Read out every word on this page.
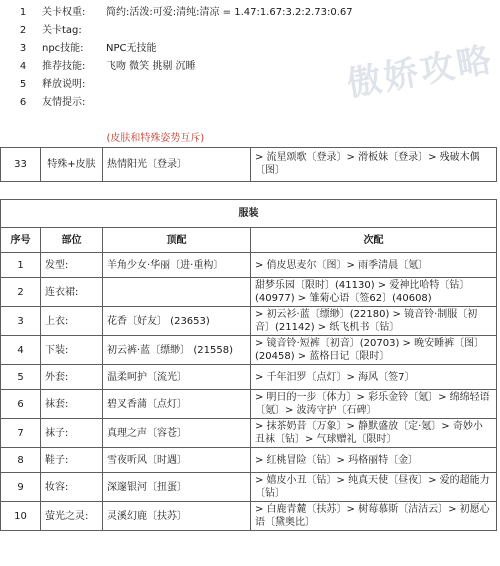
傲娇攻略
1	关卡权重: 简约:活泼:可爱:清纯:清凉 = 1.47:1.67:3.2:2.73:0.67
2	关卡tag:
3	npc技能: NPC无技能
4	推荐技能: 飞吻 微笑 挑剔 沉睡
5	释放说明:
6	友情提示:
		(皮肤和特殊姿势互斥)	
33	特殊+皮肤	热情阳光〔登录〕	> 流星颂歌〔登录〕> 滑板妹〔登录〕> 残破木偶〔图〕
服装			
序号	部位	顶配	次配
1	发型:	羊角少女·华丽〔进·重构〕	> 俏皮思麦尔〔图〕> 雨季清晨〔氪〕
2	连衣裙:		甜梦乐园〔限时〕(41130) > 爱神比哈特〔钻〕(40977) > 雏菊心语〔签62〕(40608)
3	上衣:	花香〔好友〕 (23653)	> 初云衫·蓝〔缥缈〕(22180) > 镜音铃·制服〔初音〕(21142) > 纸飞机书〔钻〕
4	下装:	初云裤·蓝〔缥缈〕 (21558)	> 镜音铃·短裤〔初音〕(20703) > 晚安睡裤〔图〕(20458) > 蓝格日记〔限时〕
5	外套:	温柔呵护〔流光〕	> 千年汨罗〔点灯〕> 海风〔签7〕
6	袜套:	碧叉香蒲〔点灯〕	> 明日的一步〔体力〕> 彩乐金铃〔氪〕> 绵绵轻语〔氪〕> 波涛守护〔石碑〕
7	袜子:	真理之声〔容苍〕	> 抹茶奶昔〔万象〕> 静默盛放〔定·氪〕> 奇妙小丑袜〔钻〕> 气球赠礼〔限时〕
8	鞋子:	雪夜听风〔时遇〕	> 红桃冒险〔钻〕> 玛格丽特〔金〕
9	妆容:	深邃银河〔扭蛋〕	> 嬉皮小丑〔钻〕> 纯真天使〔昼夜〕> 爱的超能力〔钻〕
10	萤光之灵:	灵溪幻鹿〔扶苏〕	> 白鹿青麓〔扶苏〕> 树莓慕斯〔洁洁云〕> 初愿心语〔黛奥比〕
